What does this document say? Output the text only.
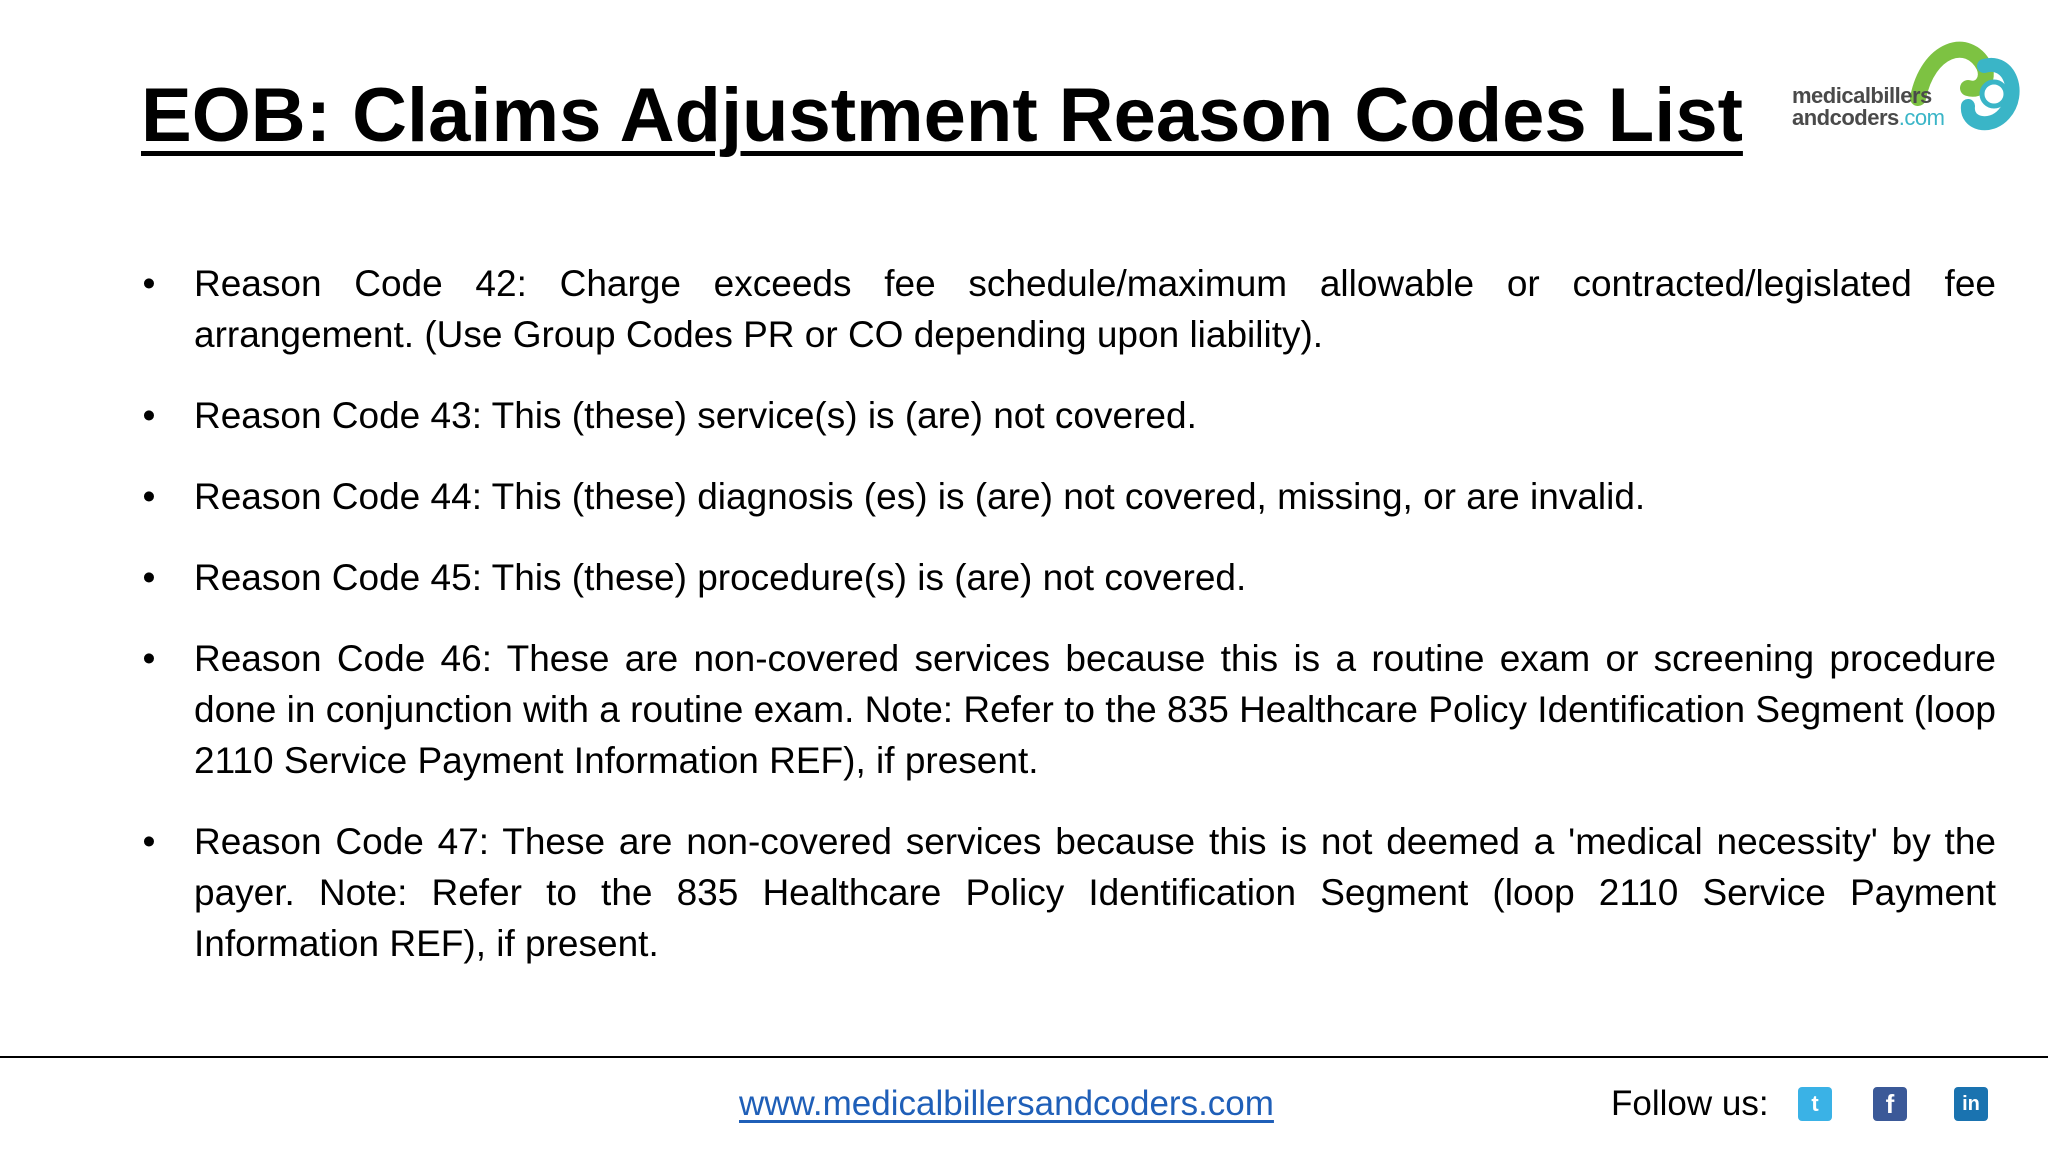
EOB: Claims Adjustment Reason Codes List medicalbillers
andcoders.com
• Reason Code 42: Charge exceeds fee schedule/maximum allowable or contracted/legislated fee arrangement. (Use Group Codes PR or CO depending upon liability).
• Reason Code 43: This (these) service(s) is (are) not covered.
• Reason Code 44: This (these) diagnosis (es) is (are) not covered, missing, or are invalid.
• Reason Code 45: This (these) procedure(s) is (are) not covered.
• Reason Code 46: These are non-covered services because this is a routine exam or screening procedure done in conjunction with a routine exam. Note: Refer to the 835 Healthcare Policy Identification Segment (loop 2110 Service Payment Information REF), if present.
• Reason Code 47: These are non-covered services because this is not deemed a 'medical necessity' by the payer. Note: Refer to the 835 Healthcare Policy Identification Segment (loop 2110 Service Payment Information REF), if present.
www.medicalbillersandcoders.com	Follow us:	t	f	in
